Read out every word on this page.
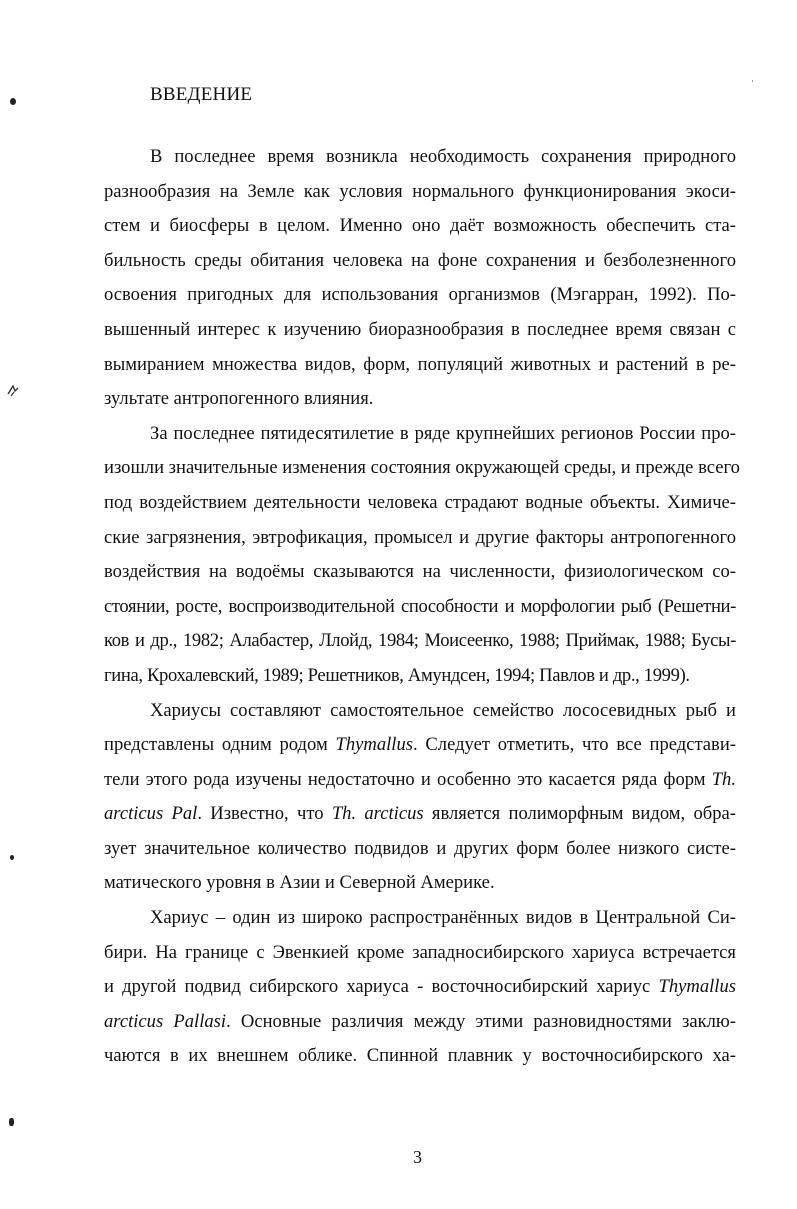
ВВЕДЕНИЕ
В последнее время возникла необходимость сохранения природного
разнообразия на Земле как условия нормального функционирования экоси-
стем и биосферы в целом. Именно оно даёт возможность обеспечить ста-
бильность среды обитания человека на фоне сохранения и безболезненного
освоения пригодных для использования организмов (Мэгарран, 1992). По-
вышенный интерес к изучению биоразнообразия в последнее время связан с
вымиранием множества видов, форм, популяций животных и растений в ре-
зультате антропогенного влияния.
За последнее пятидесятилетие в ряде крупнейших регионов России про-
изошли значительные изменения состояния окружающей среды, и прежде всего
под воздействием деятельности человека страдают водные объекты. Химиче-
ские загрязнения, эвтрофикация, промысел и другие факторы антропогенного
воздействия на водоёмы сказываются на численности, физиологическом со-
стоянии, росте, воспроизводительной способности и морфологии рыб (Решетни-
ков и др., 1982; Алабастер, Ллойд, 1984; Моисеенко, 1988; Приймак, 1988; Бусы-
гина, Крохалевский, 1989; Решетников, Амундсен, 1994; Павлов и др., 1999).
Хариусы составляют самостоятельное семейство лососевидных рыб и
представлены одним родом Thymallus. Следует отметить, что все представи-
тели этого рода изучены недостаточно и особенно это касается ряда форм Th.
arcticus Pal. Известно, что Th. arcticus является полиморфным видом, обра-
зует значительное количество подвидов и других форм более низкого систе-
матического уровня в Азии и Северной Америке.
Хариус – один из широко распространённых видов в Центральной Си-
бири. На границе с Эвенкией кроме западносибирского хариуса встречается
и другой подвид сибирского хариуса - восточносибирский хариус Thymallus
arcticus Pallasi. Основные различия между этими разновидностями заклю-
чаются в их внешнем облике. Спинной плавник у восточносибирского ха-
3
